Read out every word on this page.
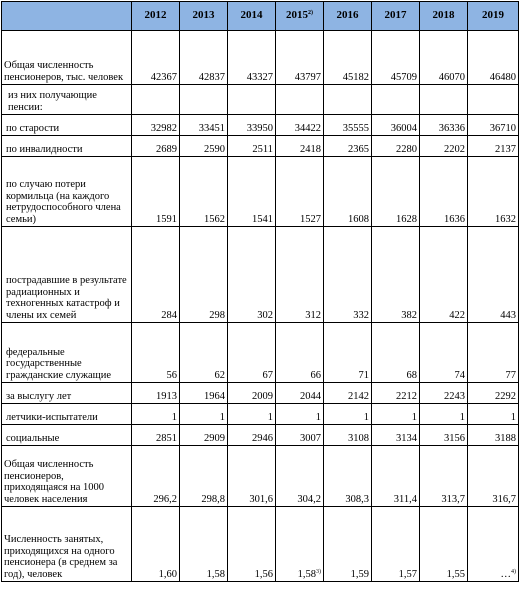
	2012	2013	2014	2015$^{2)}$	2016	2017	2018	2019
Общая численность пенсионеров, тыс. человек	42367	42837	43327	43797	45182	45709	46070	46480
из них получающие пенсии:								
по старости	32982	33451	33950	34422	35555	36004	36336	36710
по инвалидности	2689	2590	2511	2418	2365	2280	2202	2137
по случаю потери кормильца (на каждого нетрудоспособного члена семьи)	1591	1562	1541	1527	1608	1628	1636	1632
пострадавшие в результате радиационных и техногенных катастроф и члены их семей	284	298	302	312	332	382	422	443
федеральные государственные гражданские служащие	56	62	67	66	71	68	74	77
за выслугу лет	1913	1964	2009	2044	2142	2212	2243	2292
летчики-испытатели	1	1	1	1	1	1	1	1
социальные	2851	2909	2946	3007	3108	3134	3156	3188
Общая численность пенсионеров, приходящаяся на 1000 человек населения	296,2	298,8	301,6	304,2	308,3	311,4	313,7	316,7
Численность занятых, приходящихся на одного пенсионера (в среднем за год), человек	1,60	1,58	1,56	1,58$^{3)}$	1,59	1,57	1,55	…$^{4)}$
